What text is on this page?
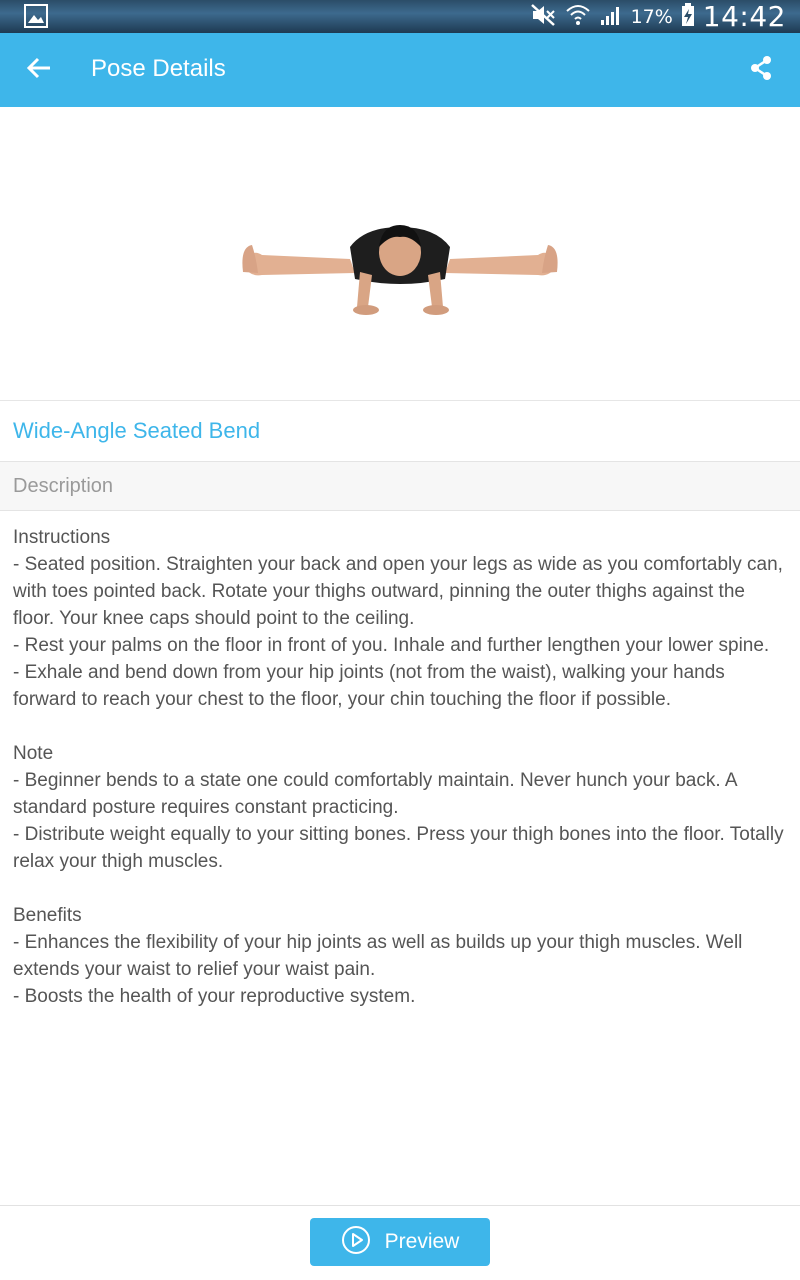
17% 14:42
Pose Details
Wide-Angle Seated Bend
Description
Instructions
- Seated position. Straighten your back and open your legs as wide as you comfortably can, with toes pointed back. Rotate your thighs outward, pinning the outer thighs against the floor. Your knee caps should point to the ceiling.
- Rest your palms on the floor in front of you. Inhale and further lengthen your lower spine.
- Exhale and bend down from your hip joints (not from the waist), walking your hands forward to reach your chest to the floor, your chin touching the floor if possible.
Note
- Beginner bends to a state one could comfortably maintain. Never hunch your back. A standard posture requires constant practicing.
- Distribute weight equally to your sitting bones. Press your thigh bones into the floor. Totally relax your thigh muscles.
Benefits
- Enhances the flexibility of your hip joints as well as builds up your thigh muscles. Well extends your waist to relief your waist pain.
- Boosts the health of your reproductive system.
Preview
